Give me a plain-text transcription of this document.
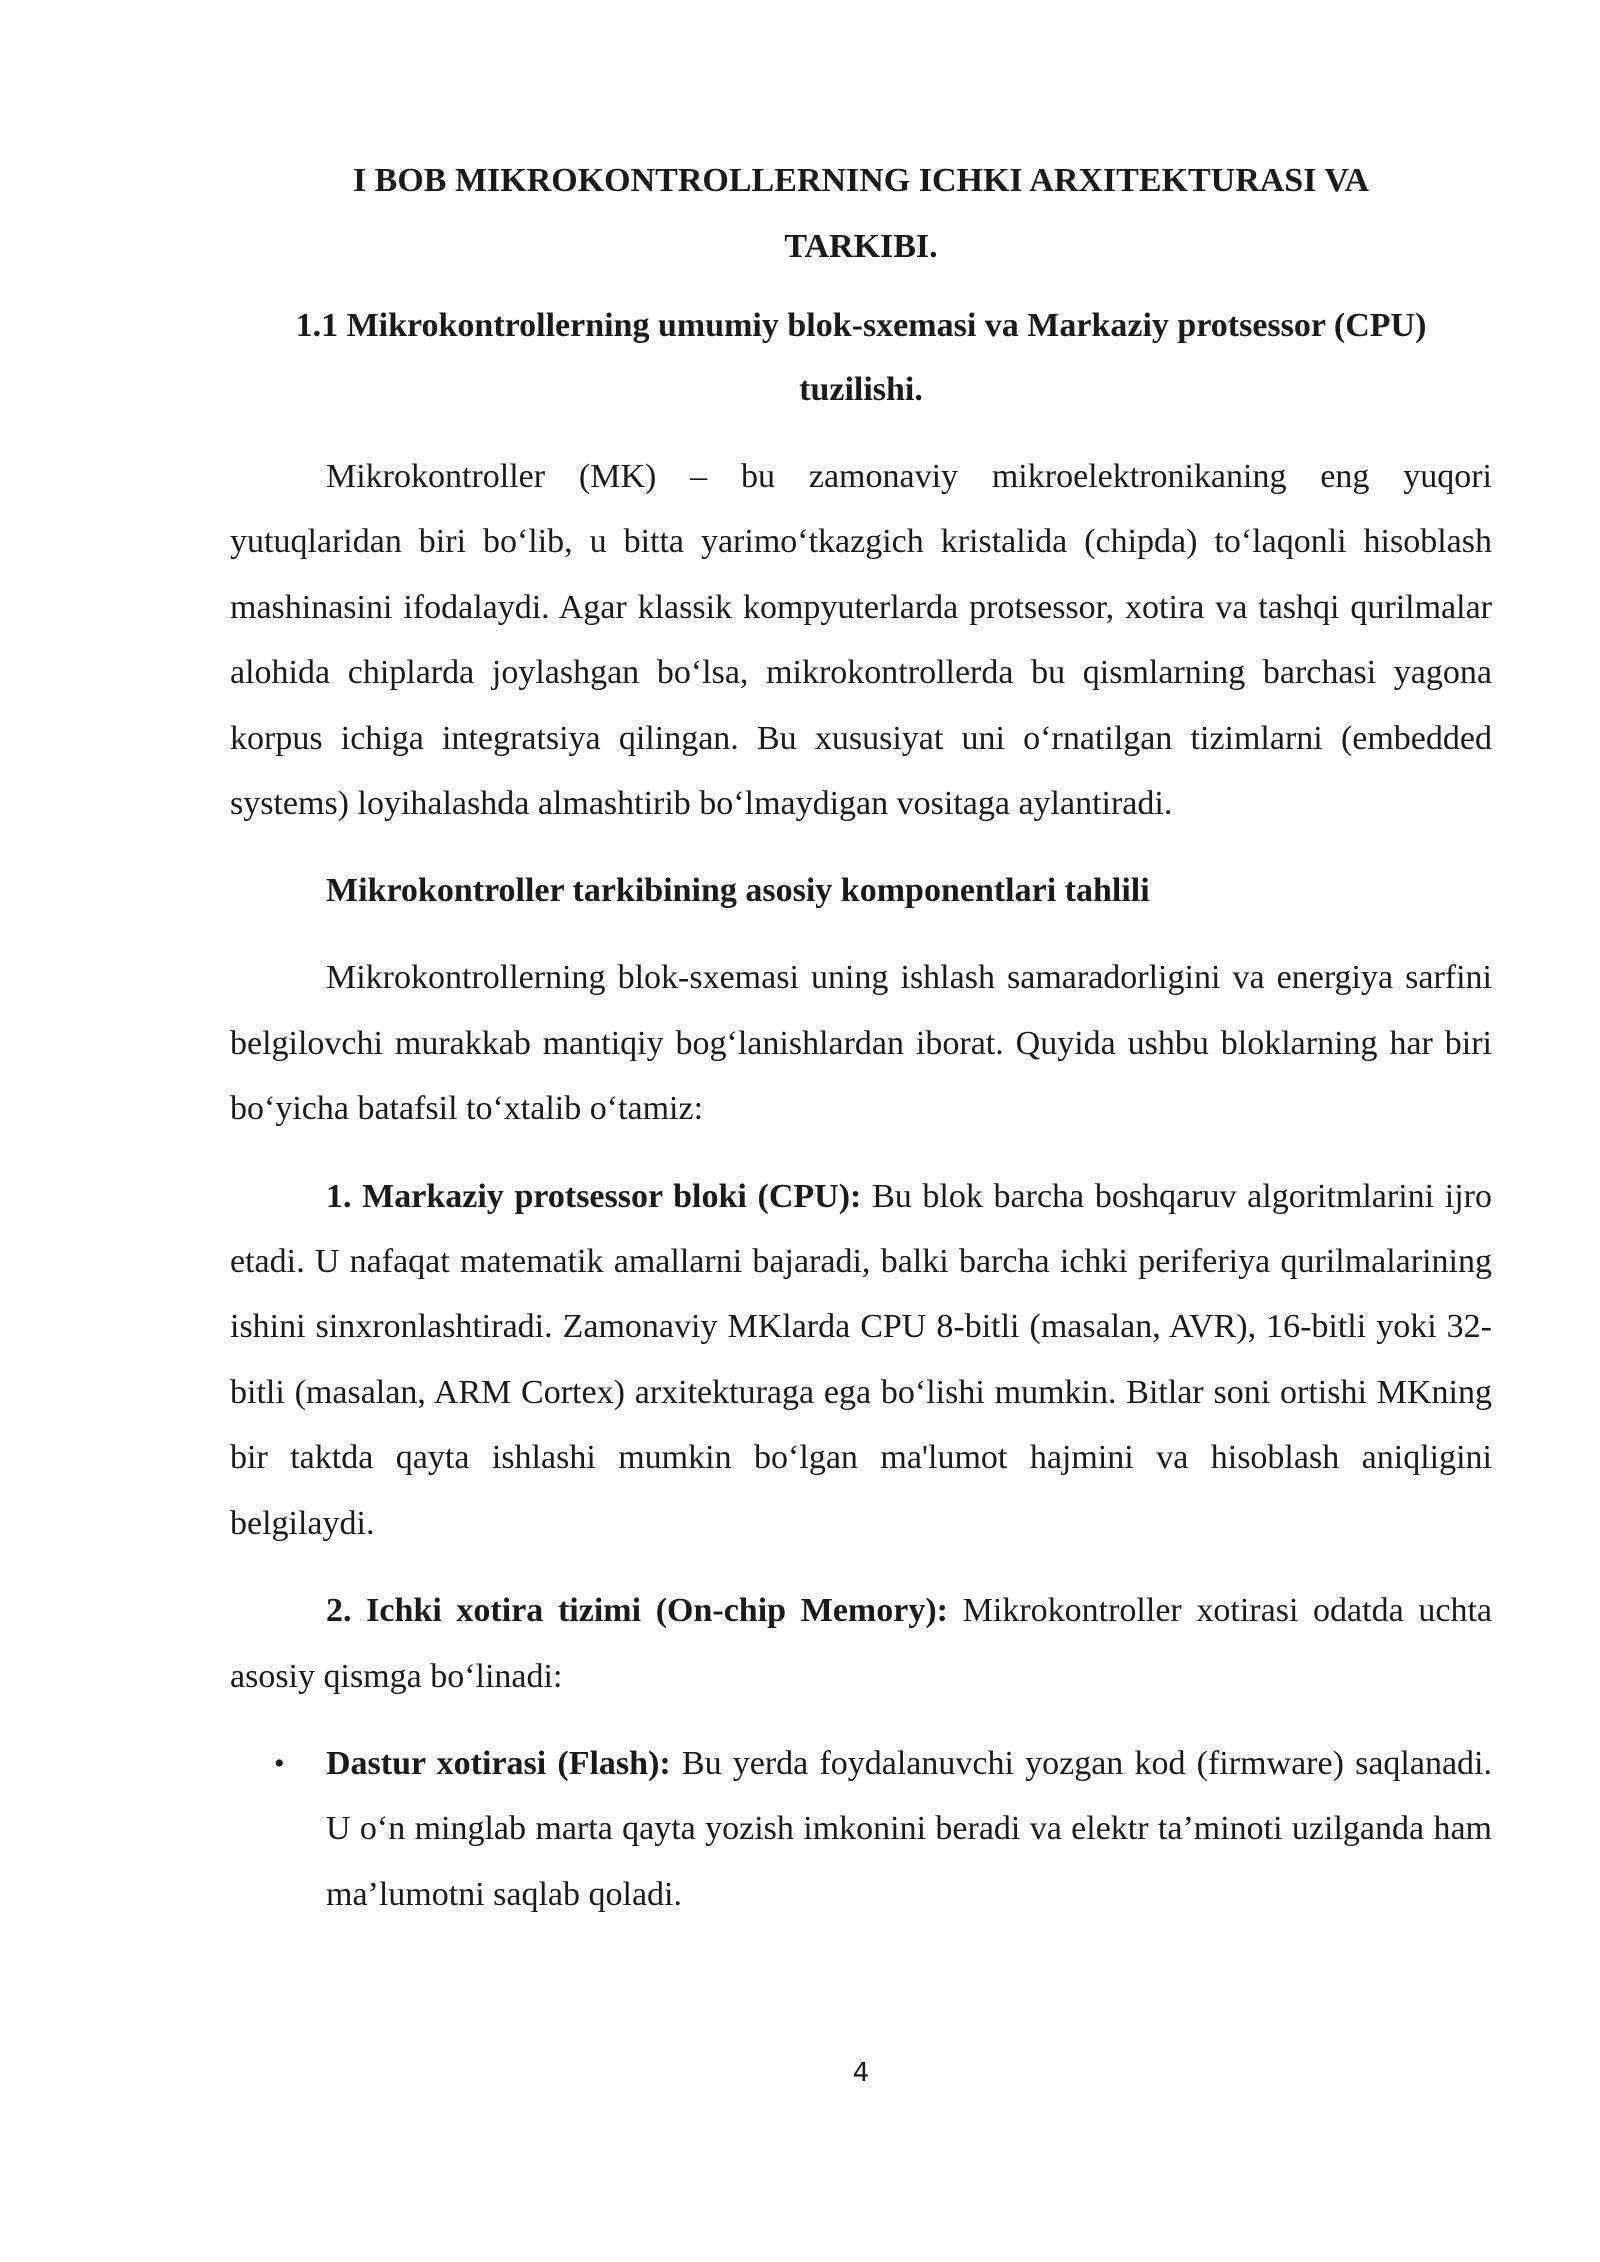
I BOB MIKROKONTROLLERNING ICHKI ARXITEKTURASI VA
TARKIBI.
1.1 Mikrokontrollerning umumiy blok-sxemasi va Markaziy protsessor (CPU)
tuzilishi.

Mikrokontroller (MK) – bu zamonaviy mikroelektronikaning eng yuqori yutuqlaridan biri bo‘lib, u bitta yarimo‘tkazgich kristalida (chipda) to‘laqonli hisoblash mashinasini ifodalaydi. Agar klassik kompyuterlarda protsessor, xotira va tashqi qurilmalar alohida chiplarda joylashgan bo‘lsa, mikrokontrollerda bu qismlarning barchasi yagona korpus ichiga integratsiya qilingan. Bu xususiyat uni o‘rnatilgan tizimlarni (embedded systems) loyihalashda almashtirib bo‘lmaydigan vositaga aylantiradi.

Mikrokontroller tarkibining asosiy komponentlari tahlili

Mikrokontrollerning blok-sxemasi uning ishlash samaradorligini va energiya sarfini belgilovchi murakkab mantiqiy bog‘lanishlardan iborat. Quyida ushbu bloklarning har biri bo‘yicha batafsil to‘xtalib o‘tamiz:

1. Markaziy protsessor bloki (CPU): Bu blok barcha boshqaruv algoritmlarini ijro etadi. U nafaqat matematik amallarni bajaradi, balki barcha ichki periferiya qurilmalarining ishini sinxronlashtiradi. Zamonaviy MKlarda CPU 8-bitli (masalan, AVR), 16-bitli yoki 32-bitli (masalan, ARM Cortex) arxitekturaga ega bo‘lishi mumkin. Bitlar soni ortishi MKning bir taktda qayta ishlashi mumkin bo‘lgan ma'lumot hajmini va hisoblash aniqligini belgilaydi.

2. Ichki xotira tizimi (On-chip Memory): Mikrokontroller xotirasi odatda uchta asosiy qismga bo‘linadi:

• Dastur xotirasi (Flash): Bu yerda foydalanuvchi yozgan kod (firmware) saqlanadi. U o‘n minglab marta qayta yozish imkonini beradi va elektr ta’minoti uzilganda ham ma’lumotni saqlab qoladi.
4
